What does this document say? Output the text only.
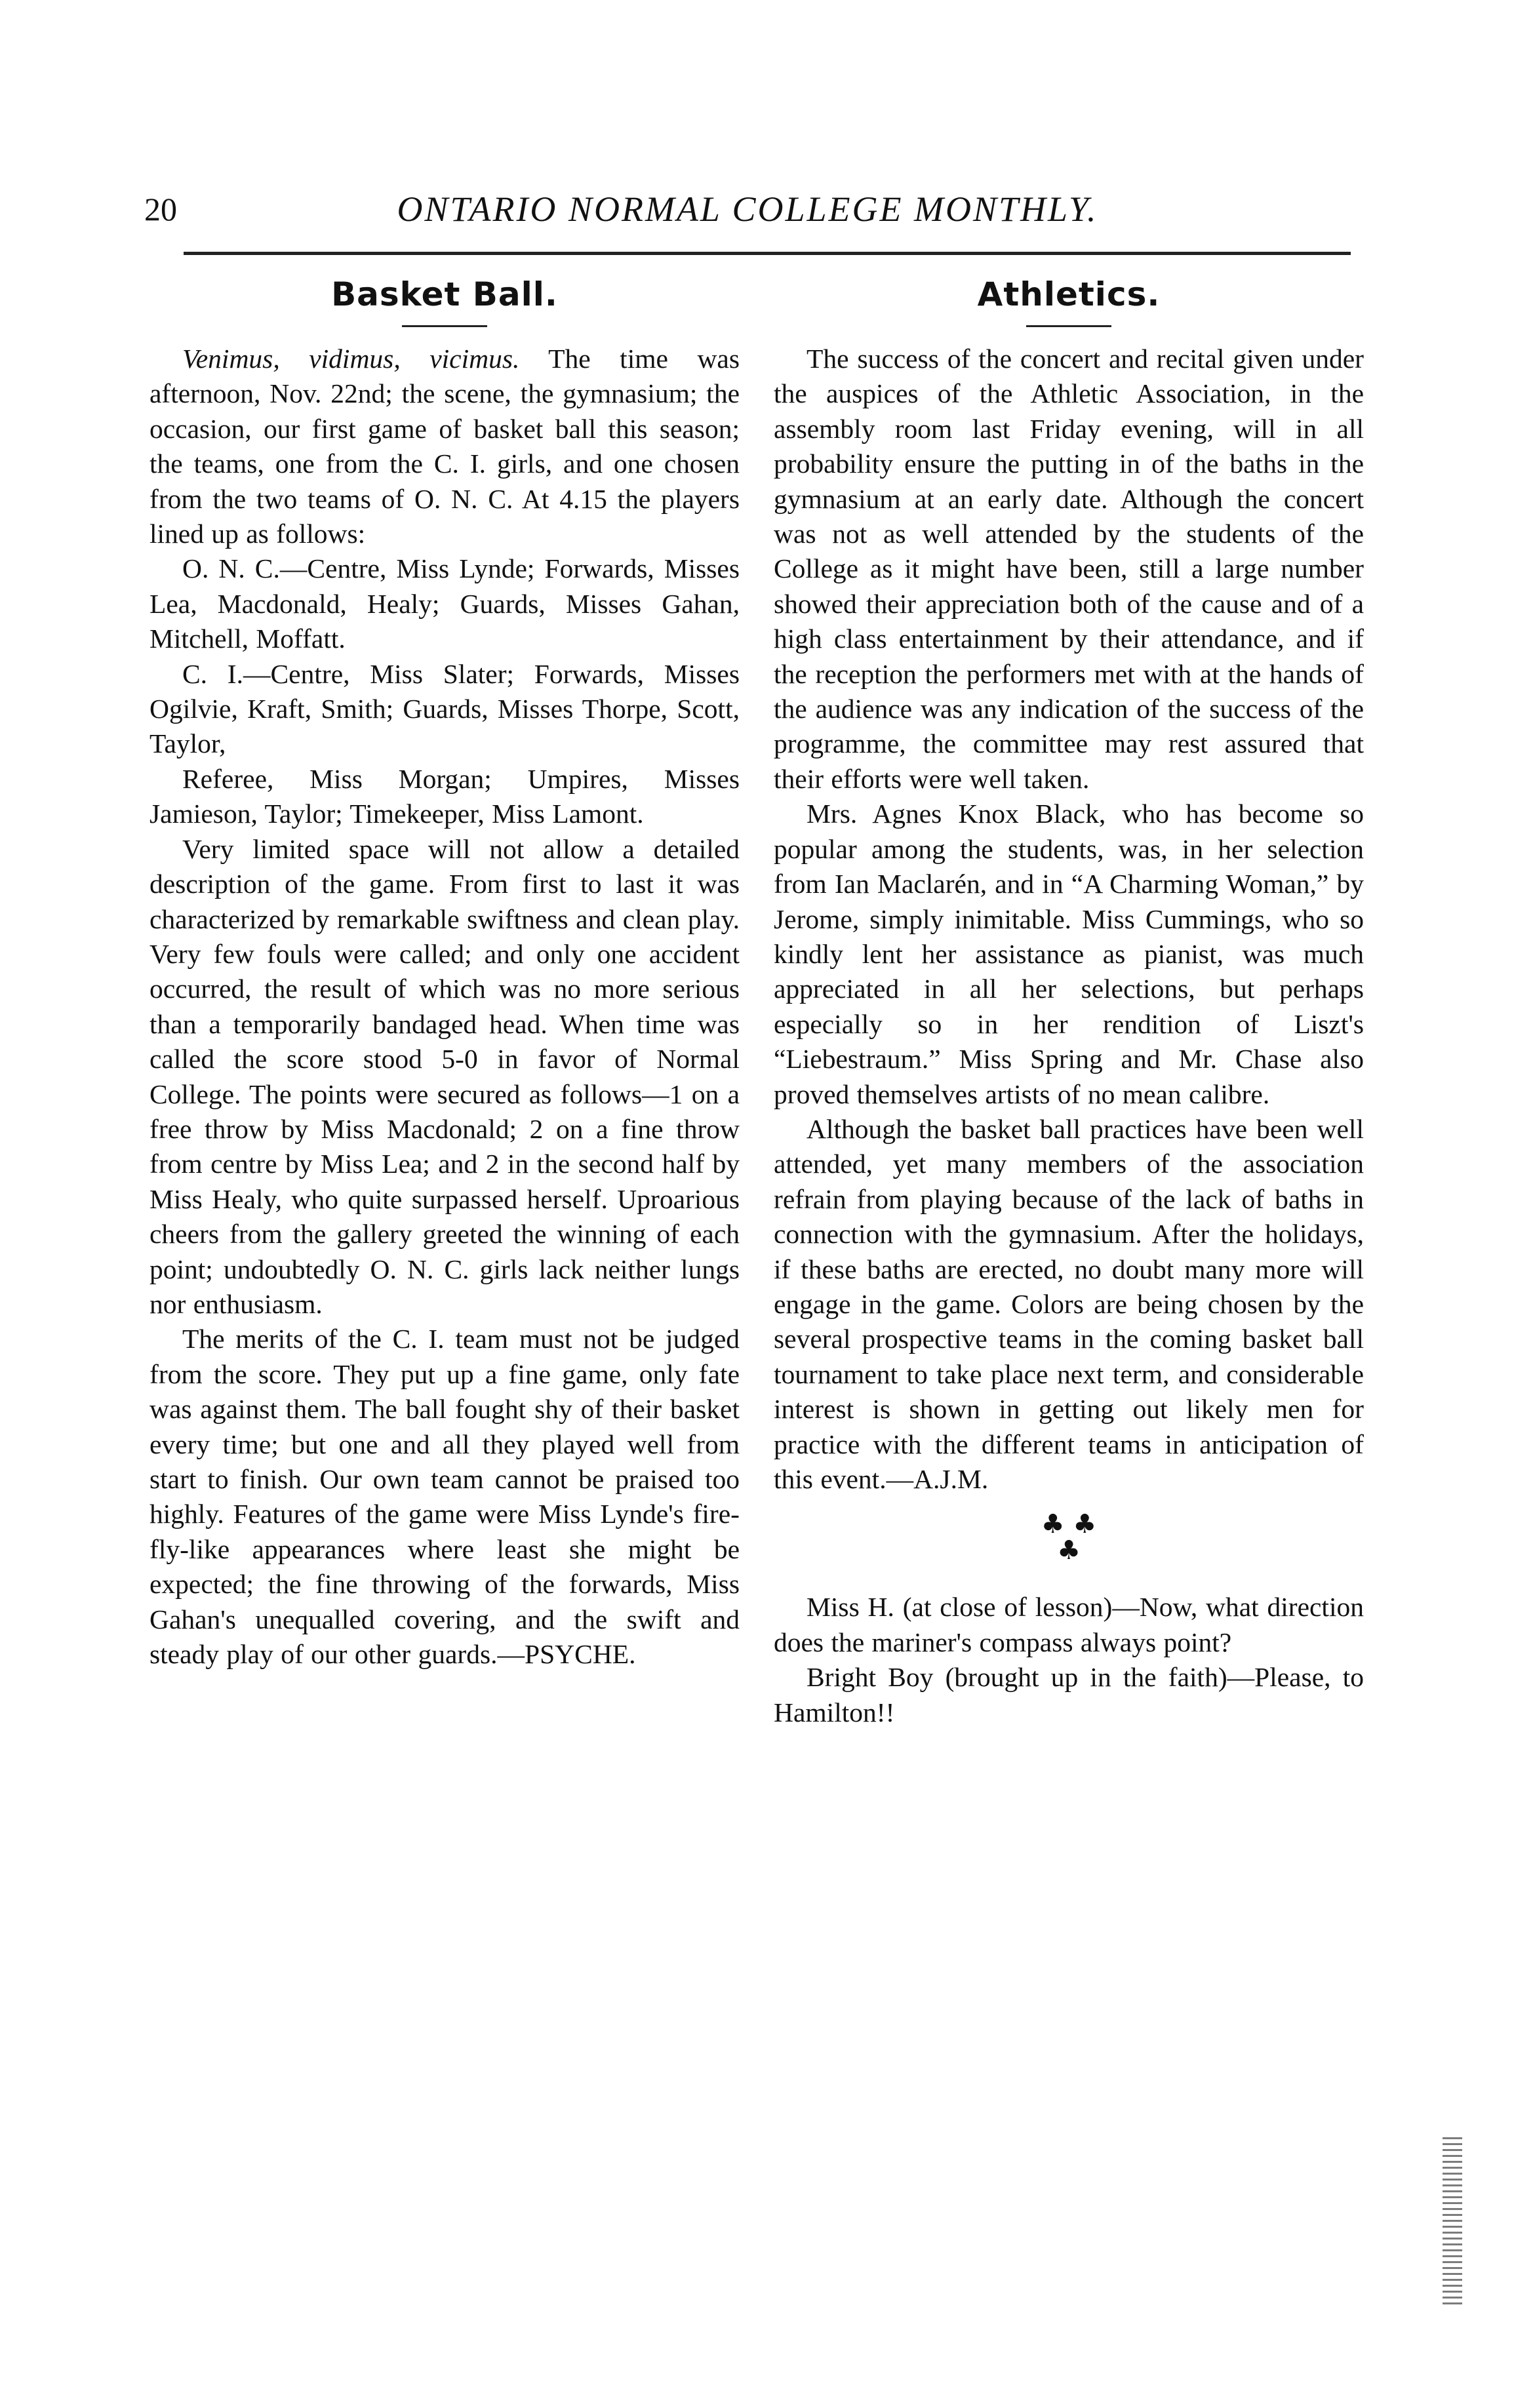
20	ONTARIO NORMAL COLLEGE MONTHLY.
Basket Ball.

Venimus, vidimus, vicimus. The time was afternoon, Nov. 22nd; the scene, the gymnasium; the occasion, our first game of basket ball this season; the teams, one from the C. I. girls, and one chosen from the two teams of O. N. C. At 4.15 the players lined up as follows:

O. N. C.—Centre, Miss Lynde; Forwards, Misses Lea, Macdonald, Healy; Guards, Misses Gahan, Mitchell, Moffatt.

C. I.—Centre, Miss Slater; Forwards, Misses Ogilvie, Kraft, Smith; Guards, Misses Thorpe, Scott, Taylor,

Referee, Miss Morgan; Umpires, Misses Jamieson, Taylor; Timekeeper, Miss Lamont.

Very limited space will not allow a detailed description of the game. From first to last it was characterized by remarkable swiftness and clean play. Very few fouls were called; and only one accident occurred, the result of which was no more serious than a temporarily bandaged head. When time was called the score stood 5-0 in favor of Normal College. The points were secured as follows—1 on a free throw by Miss Macdonald; 2 on a fine throw from centre by Miss Lea; and 2 in the second half by Miss Healy, who quite surpassed herself. Uproarious cheers from the gallery greeted the winning of each point; undoubtedly O. N. C. girls lack neither lungs nor enthusiasm.

The merits of the C. I. team must not be judged from the score. They put up a fine game, only fate was against them. The ball fought shy of their basket every time; but one and all they played well from start to finish. Our own team cannot be praised too highly. Features of the game were Miss Lynde's fire-fly-like appearances where least she might be expected; the fine throwing of the forwards, Miss Gahan's unequalled covering, and the swift and steady play of our other guards.—PSYCHE.

Athletics.

The success of the concert and recital given under the auspices of the Athletic Association, in the assembly room last Friday evening, will in all probability ensure the putting in of the baths in the gymnasium at an early date. Although the concert was not as well attended by the students of the College as it might have been, still a large number showed their appreciation both of the cause and of a high class entertainment by their attendance, and if the reception the performers met with at the hands of the audience was any indication of the success of the programme, the committee may rest assured that their efforts were well taken.

Mrs. Agnes Knox Black, who has become so popular among the students, was, in her selection from Ian Maclarén, and in “A Charming Woman,” by Jerome, simply inimitable. Miss Cummings, who so kindly lent her assistance as pianist, was much appreciated in all her selections, but perhaps especially so in her rendition of Liszt's “Liebestraum.” Miss Spring and Mr. Chase also proved themselves artists of no mean calibre.

Although the basket ball practices have been well attended, yet many members of the association refrain from playing because of the lack of baths in connection with the gymnasium. After the holidays, if these baths are erected, no doubt many more will engage in the game. Colors are being chosen by the several prospective teams in the coming basket ball tournament to take place next term, and considerable interest is shown in getting out likely men for practice with the different teams in anticipation of this event.—A.J.M.

♣ ♣
♣

Miss H. (at close of lesson)—Now, what direction does the mariner's compass always point?

Bright Boy (brought up in the faith)—Please, to Hamilton!!
